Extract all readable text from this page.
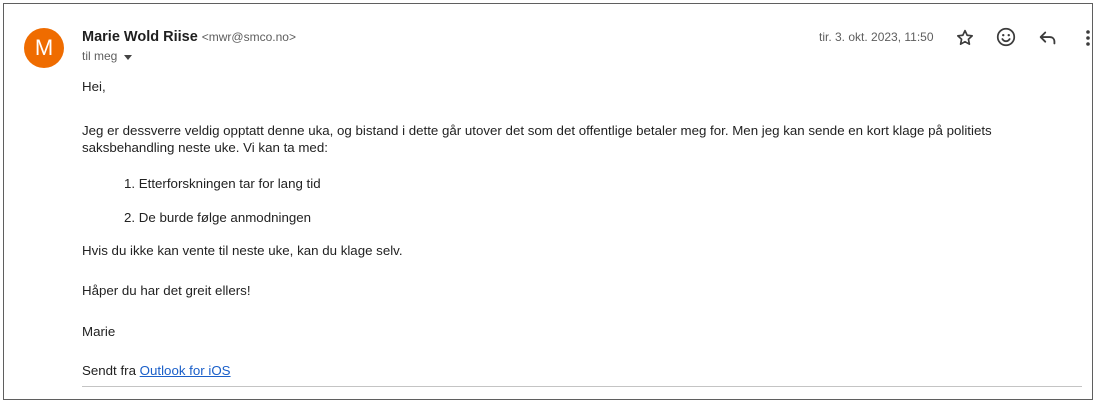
M Marie Wold Riise <mwr@smco.no>
til meg
tir. 3. okt. 2023, 11:50

Hei,

Jeg er dessverre veldig opptatt denne uka, og bistand i dette går utover det som det offentlige betaler meg for. Men jeg kan sende en kort klage på politiets saksbehandling neste uke. Vi kan ta med:

1. Etterforskningen tar for lang tid
2. De burde følge anmodningen

Hvis du ikke kan vente til neste uke, kan du klage selv.

Håper du har det greit ellers!

Marie

Sendt fra Outlook for iOS
